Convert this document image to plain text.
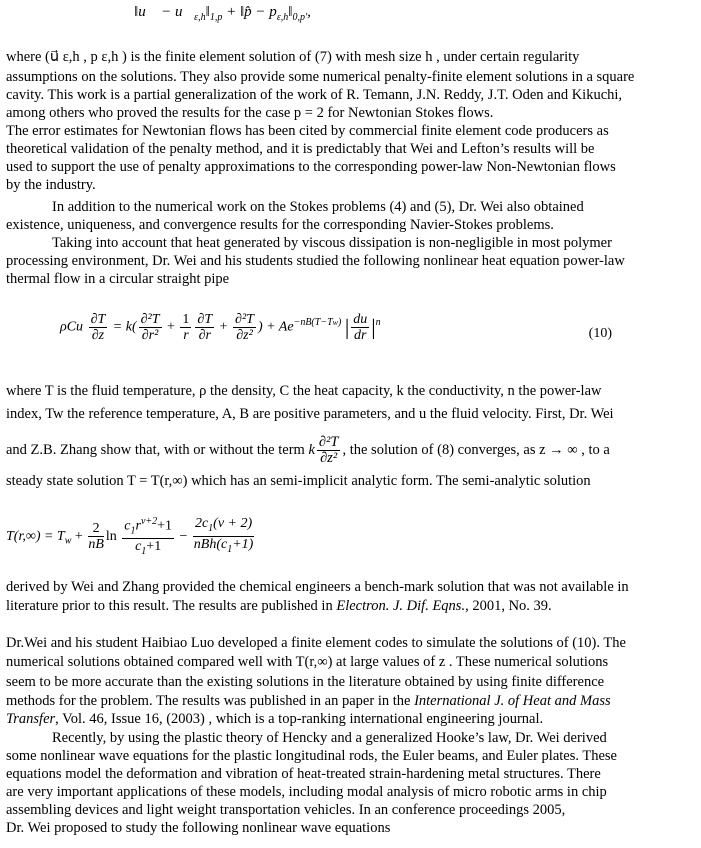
‖u⃗ − $u⃗_{\varepsilon,h}‖_{1,p}$ + ‖p̂ − $p_{\varepsilon,h}‖_{0,p'}$,
where (u⃗ ε,h , p ε,h ) is the finite element solution of (7) with mesh size h , under certain regularity
assumptions on the solutions. They also provide some numerical penalty-finite element solutions in a square
cavity. This work is a partial generalization of the work of R. Temann, J.N. Reddy, J.T. Oden and Kikuchi,
among others who proved the results for the case p = 2 for Newtonian Stokes flows.
The error estimates for Newtonian flows has been cited by commercial finite element code producers as
theoretical validation of the penalty method, and it is predictably that Wei and Lefton’s results will be
used to support the use of penalty approximations to the corresponding power-law Non-Newtonian flows
by the industry.
In addition to the numerical work on the Stokes problems (4) and (5), Dr. Wei also obtained
existence, uniqueness, and convergence results for the corresponding Navier-Stokes problems.
Taking into account that heat generated by viscous dissipation is non-negligible in most polymer
processing environment, Dr. Wei and his students studied the following nonlinear heat equation power-law
thermal flow in a circular straight pipe
ρCu $\frac{\partial T}{\partial z} = k( \frac{\text{∂²T}}{\text{∂r²}} + \frac{1}{r} \frac{\partial T}{\partial r} + \frac{\text{∂²T}}{\text{∂z²}}$ ) + $Ae^{-nB(T-Tw)}$ | $\frac{du}{dr} |^n$
(10)
where T is the fluid temperature, ρ the density, C the heat capacity, k the conductivity, n the power-law
index, Tw the reference temperature, A, B are positive parameters, and u the fluid velocity. First, Dr. Wei
and Z.B. Zhang show that, with or without the term k $\frac{\text{∂²T}}{\text{∂z²}}$ , the solution of (8) converges, as z → ∞ , to a
steady state solution T = T(r,∞) which has an semi-implicit analytic form. The semi-analytic solution
$T(r,\infty) = T_w + \frac{2}{nB}$ $\ln \frac{c_1r^{\nu+2}+1}{c_1+1} - \frac{2c_1(\nu + 2)}{nBh(c_1+1)}$
derived by Wei and Zhang provided the chemical engineers a bench-mark solution that was not available in
literature prior to this result. The results are published in Electron. J. Dif. Eqns., 2001, No. 39.
Dr.Wei and his student Haibiao Luo developed a finite element codes to simulate the solutions of (10). The
numerical solutions obtained compared well with T(r,∞) at large values of z . These numerical solutions
seem to be more accurate than the existing solutions in the literature obtained by using finite difference
methods for the problem. The results was published in an paper in the International J. of Heat and Mass
Transfer, Vol. 46, Issue 16, (2003) , which is a top-ranking international engineering journal.
Recently, by using the plastic theory of Hencky and a generalized Hooke’s law, Dr. Wei derived
some nonlinear wave equations for the plastic longitudinal rods, the Euler beams, and Euler plates. These
equations model the deformation and vibration of heat-treated strain-hardening metal structures. There
are very important applications of these models, including modal analysis of micro robotic arms in chip
assembling devices and light weight transportation vehicles. In an conference proceedings 2005,
Dr. Wei proposed to study the following nonlinear wave equations
